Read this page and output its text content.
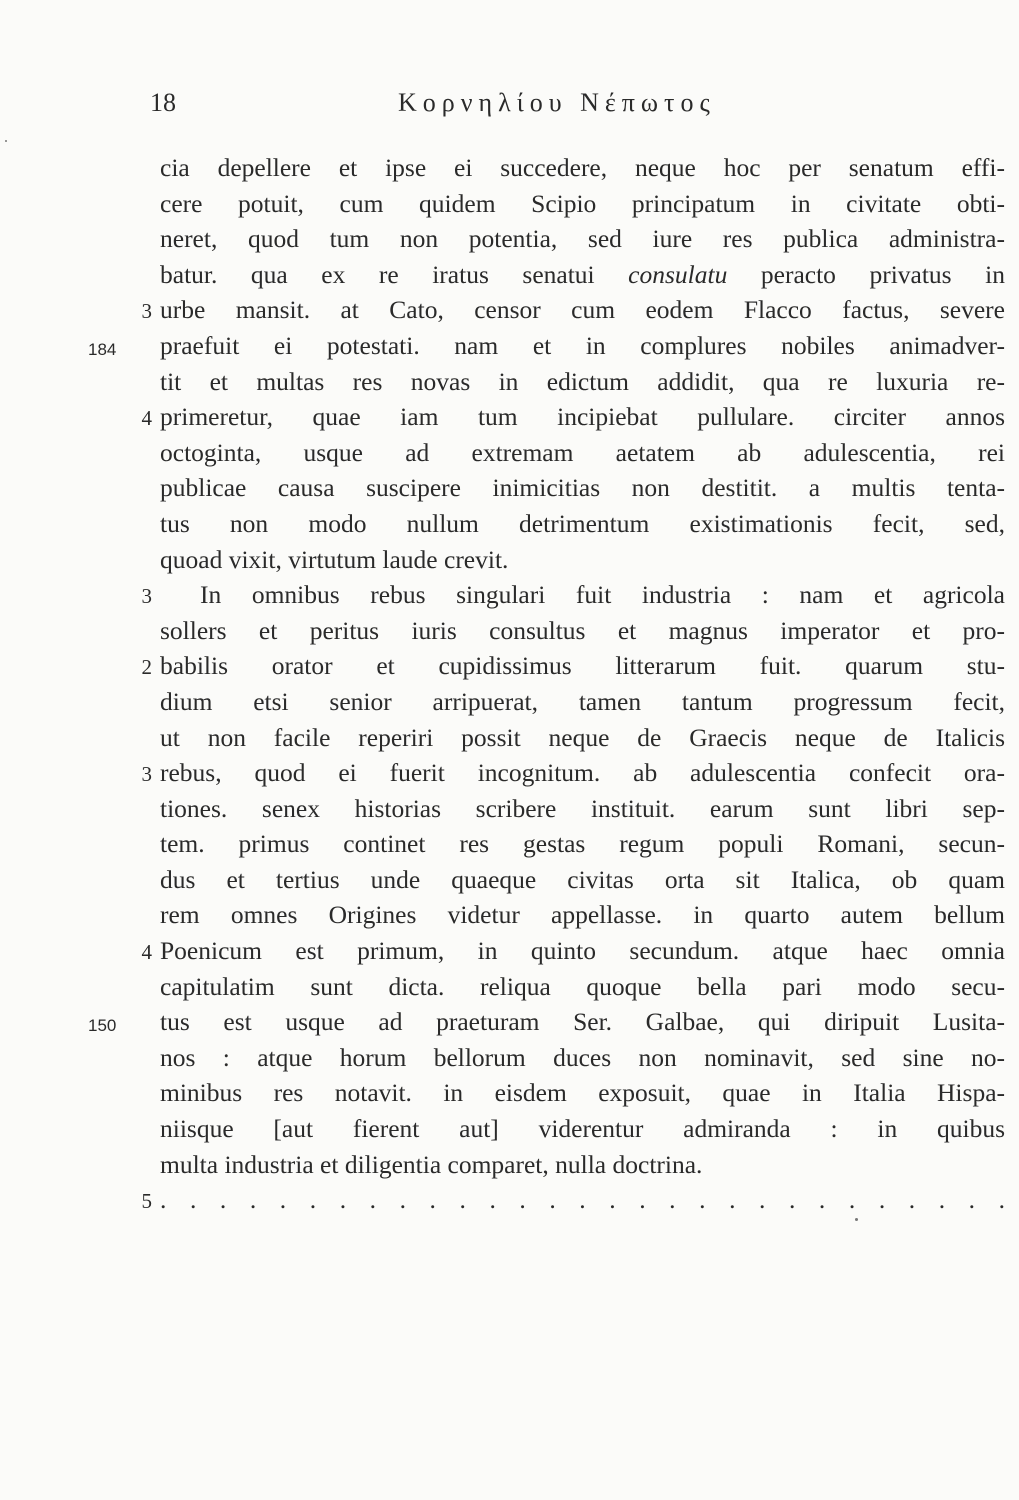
18	Κορνηλίου Νέπωτος
cia depellere et ipse ei succedere, neque hoc per senatum effi-
cere potuit, cum quidem Scipio principatum in civitate obti-
neret, quod tum non potentia, sed iure res publica administra-
batur. qua ex re iratus senatui consulatu peracto privatus in
3 urbe mansit. at Cato, censor cum eodem Flacco factus, severe
184	praefuit ei potestati. nam et in complures nobiles animadver-
tit et multas res novas in edictum addidit, qua re luxuria re-
4 primeretur, quae iam tum incipiebat pullulare. circiter annos
octoginta, usque ad extremam aetatem ab adulescentia, rei
publicae causa suscipere inimicitias non destitit. a multis tenta-
tus non modo nullum detrimentum existimationis fecit, sed,
quoad vixit, virtutum laude crevit.
3 In omnibus rebus singulari fuit industria : nam et agricola
sollers et peritus iuris consultus et magnus imperator et pro-
2 babilis orator et cupidissimus litterarum fuit. quarum stu-
dium etsi senior arripuerat, tamen tantum progressum fecit,
ut non facile reperiri possit neque de Graecis neque de Italicis
3 rebus, quod ei fuerit incognitum. ab adulescentia confecit ora-
tiones. senex historias scribere instituit. earum sunt libri sep-
tem. primus continet res gestas regum populi Romani, secun-
dus et tertius unde quaeque civitas orta sit Italica, ob quam
rem omnes Origines videtur appellasse. in quarto autem bellum
4 Poenicum est primum, in quinto secundum. atque haec omnia
capitulatim sunt dicta. reliqua quoque bella pari modo secu-
150	tus est usque ad praeturam Ser. Galbae, qui diripuit Lusita-
nos : atque horum bellorum duces non nominavit, sed sine no-
minibus res notavit. in eisdem exposuit, quae in Italia Hispa-
niisque [aut fierent aut] viderentur admiranda : in quibus
multa industria et diligentia comparet, nulla doctrina.
5 . . . . . . . . . . . . . . . . . . . . . . . . . . . . .
